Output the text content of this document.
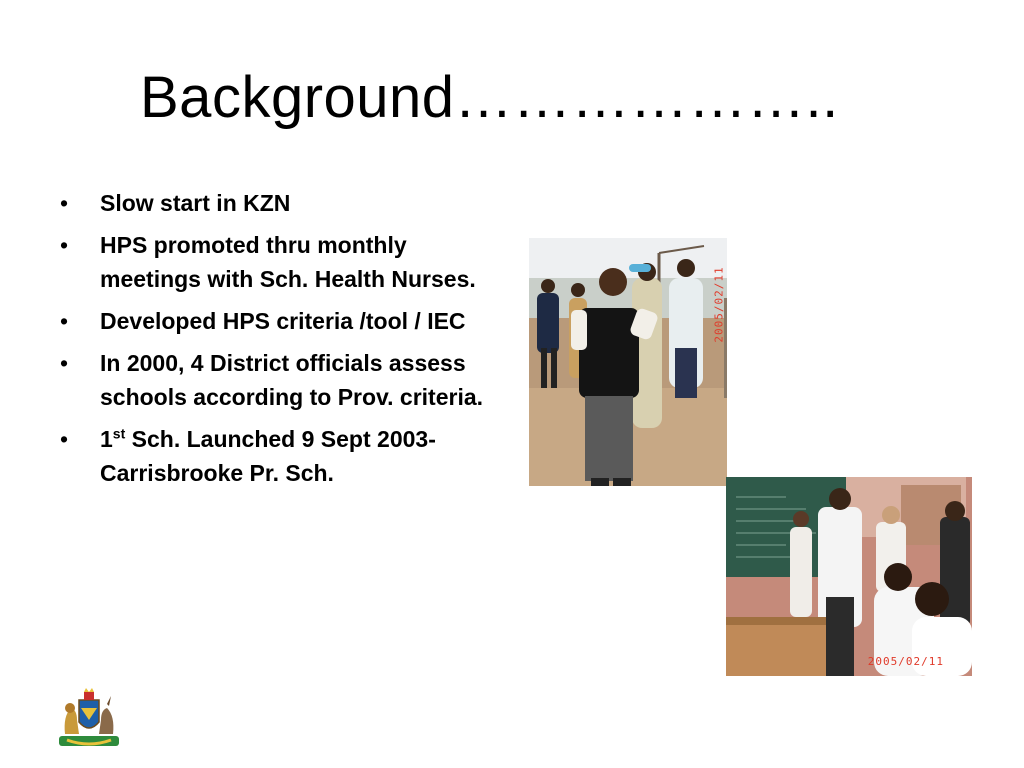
Background………………..
• Slow start in KZN
• HPS promoted thru monthly meetings with Sch. Health Nurses.
• Developed HPS criteria /tool / IEC
• In 2000, 4 District officials assess schools according to Prov. criteria.
• 1st Sch. Launched 9 Sept 2003- Carrisbrooke Pr. Sch.
2005/02/11
2005/02/11
